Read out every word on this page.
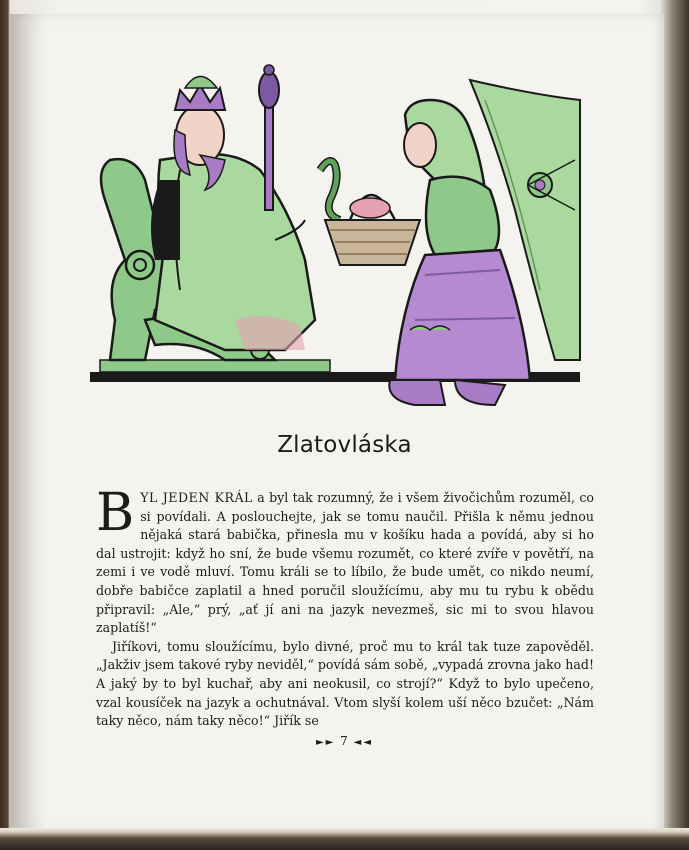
Zlatovláska

BYL JEDEN KRÁL a byl tak rozumný, že i všem živočichům rozuměl, co si povídali. A poslouchejte, jak se tomu naučil. Přišla k němu jednou nějaká stará babička, přinesla mu v košíku hada a povídá, aby si ho dal ustrojit: když ho sní, že bude všemu rozumět, co které zvíře v povětří, na zemi i ve vodě mluví. Tomu králi se to líbilo, že bude umět, co nikdo neumí, dobře babičce zaplatil a hned poručil sloužícímu, aby mu tu rybu k obědu připravil: „Ale,“ prý, „ať jí ani na jazyk nevezmeš, sic mi to svou hlavou zaplatíš!“

Jiříkovi, tomu sloužícímu, bylo divné, proč mu to král tak tuze zapověděl. „Jakživ jsem takové ryby neviděl,“ povídá sám sobě, „vypadá zrovna jako had! A jaký by to byl kuchař, aby ani neokusil, co strojí?“ Když to bylo upečeno, vzal kousíček na jazyk a ochutnával. Vtom slyší kolem uší něco bzučet: „Nám taky něco, nám taky něco!“ Jiřík se

►► 7 ◄◄
